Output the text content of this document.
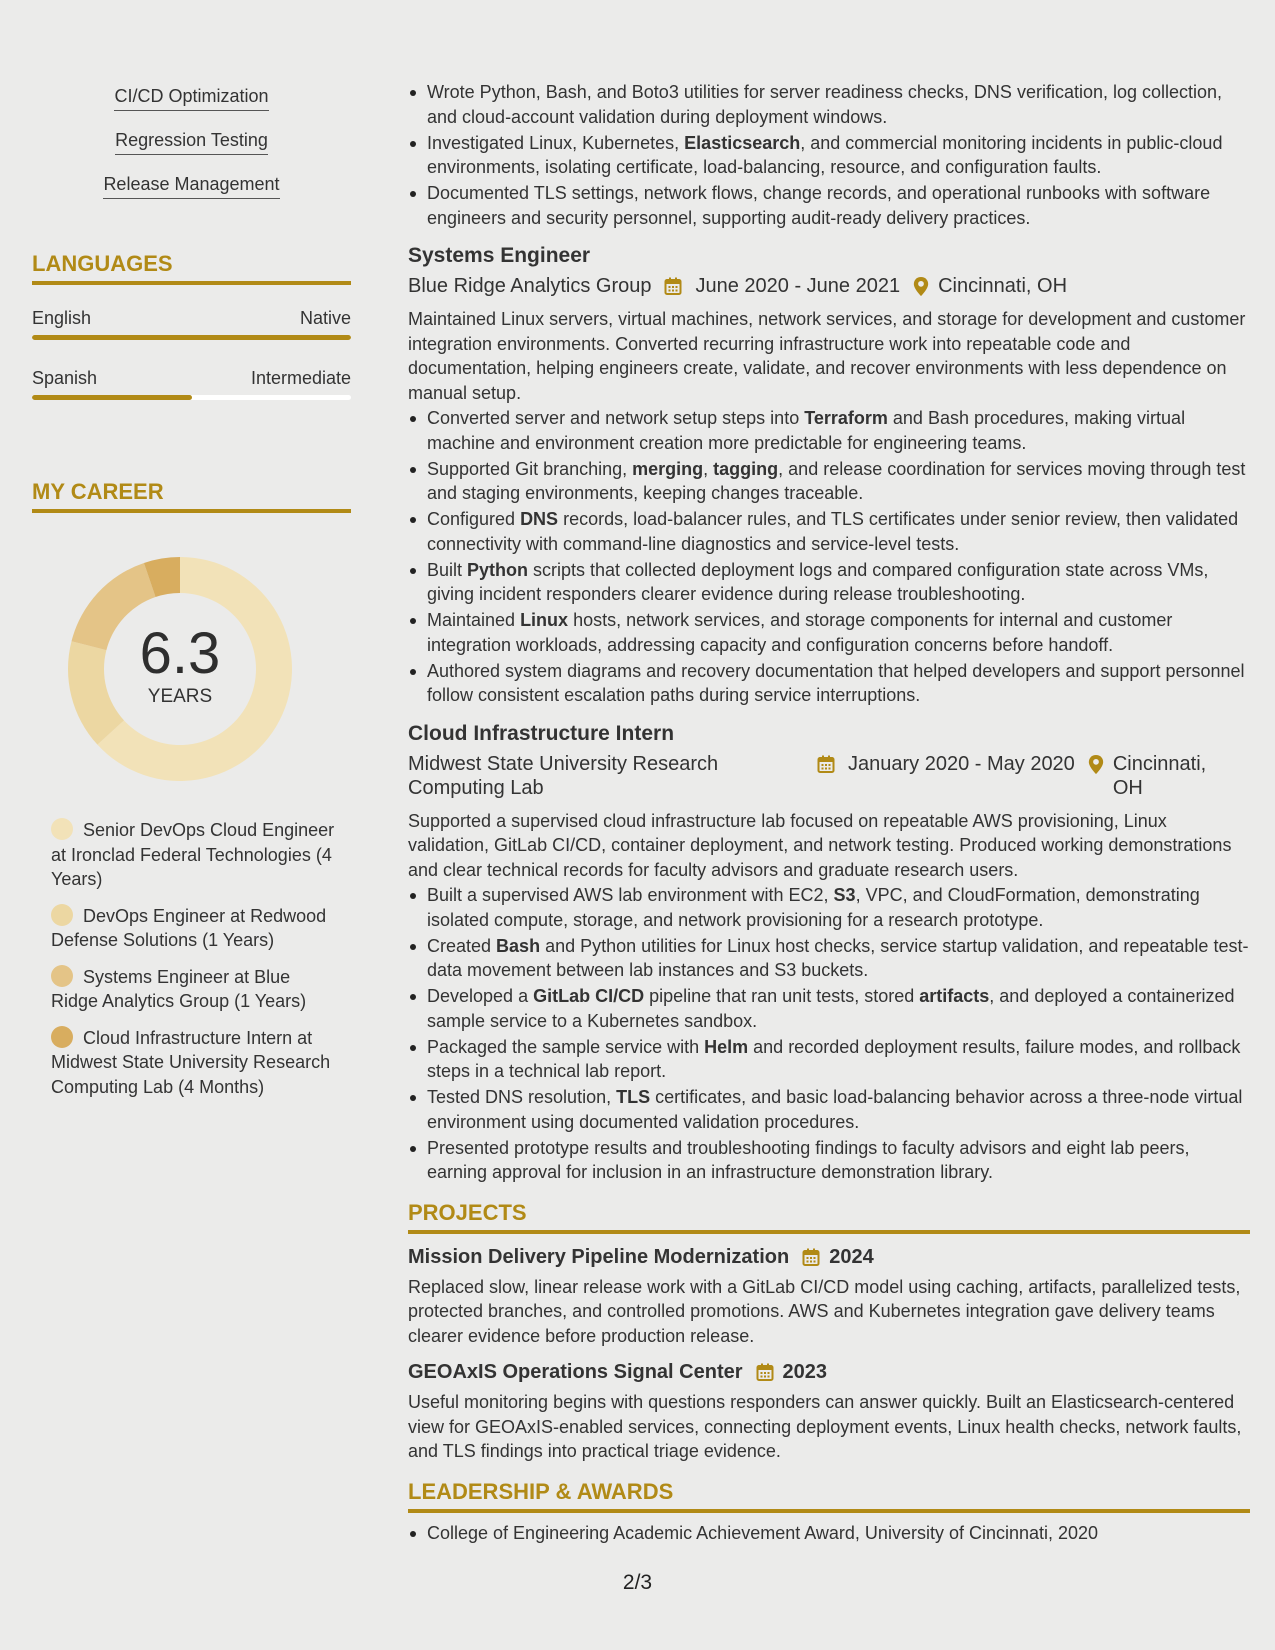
CI/CD Optimization
Regression Testing
Release Management
LANGUAGES
English	Native
Spanish	Intermediate
MY CAREER
6.3
YEARS
Senior DevOps Cloud Engineer at Ironclad Federal Technologies (4 Years)
DevOps Engineer at Redwood Defense Solutions (1 Years)
Systems Engineer at Blue Ridge Analytics Group (1 Years)
Cloud Infrastructure Intern at Midwest State University Research Computing Lab (4 Months)
Wrote Python, Bash, and Boto3 utilities for server readiness checks, DNS verification, log collection, and cloud-account validation during deployment windows.
Investigated Linux, Kubernetes, Elasticsearch, and commercial monitoring incidents in public-cloud environments, isolating certificate, load-balancing, resource, and configuration faults.
Documented TLS settings, network flows, change records, and operational runbooks with software engineers and security personnel, supporting audit-ready delivery practices.
Systems Engineer
Blue Ridge Analytics Group June 2020 - June 2021 Cincinnati, OH
Maintained Linux servers, virtual machines, network services, and storage for development and customer integration environments. Converted recurring infrastructure work into repeatable code and documentation, helping engineers create, validate, and recover environments with less dependence on manual setup.
Converted server and network setup steps into Terraform and Bash procedures, making virtual machine and environment creation more predictable for engineering teams.
Supported Git branching, merging, tagging, and release coordination for services moving through test and staging environments, keeping changes traceable.
Configured DNS records, load-balancer rules, and TLS certificates under senior review, then validated connectivity with command-line diagnostics and service-level tests.
Built Python scripts that collected deployment logs and compared configuration state across VMs, giving incident responders clearer evidence during release troubleshooting.
Maintained Linux hosts, network services, and storage components for internal and customer integration workloads, addressing capacity and configuration concerns before handoff.
Authored system diagrams and recovery documentation that helped developers and support personnel follow consistent escalation paths during service interruptions.
Cloud Infrastructure Intern
Midwest State University Research Computing Lab
January 2020 - May 2020 Cincinnati, OH
Supported a supervised cloud infrastructure lab focused on repeatable AWS provisioning, Linux validation, GitLab CI/CD, container deployment, and network testing. Produced working demonstrations and clear technical records for faculty advisors and graduate research users.
Built a supervised AWS lab environment with EC2, S3, VPC, and CloudFormation, demonstrating isolated compute, storage, and network provisioning for a research prototype.
Created Bash and Python utilities for Linux host checks, service startup validation, and repeatable test-data movement between lab instances and S3 buckets.
Developed a GitLab CI/CD pipeline that ran unit tests, stored artifacts, and deployed a containerized sample service to a Kubernetes sandbox.
Packaged the sample service with Helm and recorded deployment results, failure modes, and rollback steps in a technical lab report.
Tested DNS resolution, TLS certificates, and basic load-balancing behavior across a three-node virtual environment using documented validation procedures.
Presented prototype results and troubleshooting findings to faculty advisors and eight lab peers, earning approval for inclusion in an infrastructure demonstration library.
PROJECTS
Mission Delivery Pipeline Modernization 2024
Replaced slow, linear release work with a GitLab CI/CD model using caching, artifacts, parallelized tests, protected branches, and controlled promotions. AWS and Kubernetes integration gave delivery teams clearer evidence before production release.
GEOAxIS Operations Signal Center 2023
Useful monitoring begins with questions responders can answer quickly. Built an Elasticsearch-centered view for GEOAxIS-enabled services, connecting deployment events, Linux health checks, network faults, and TLS findings into practical triage evidence.
LEADERSHIP & AWARDS
College of Engineering Academic Achievement Award, University of Cincinnati, 2020
2/3
